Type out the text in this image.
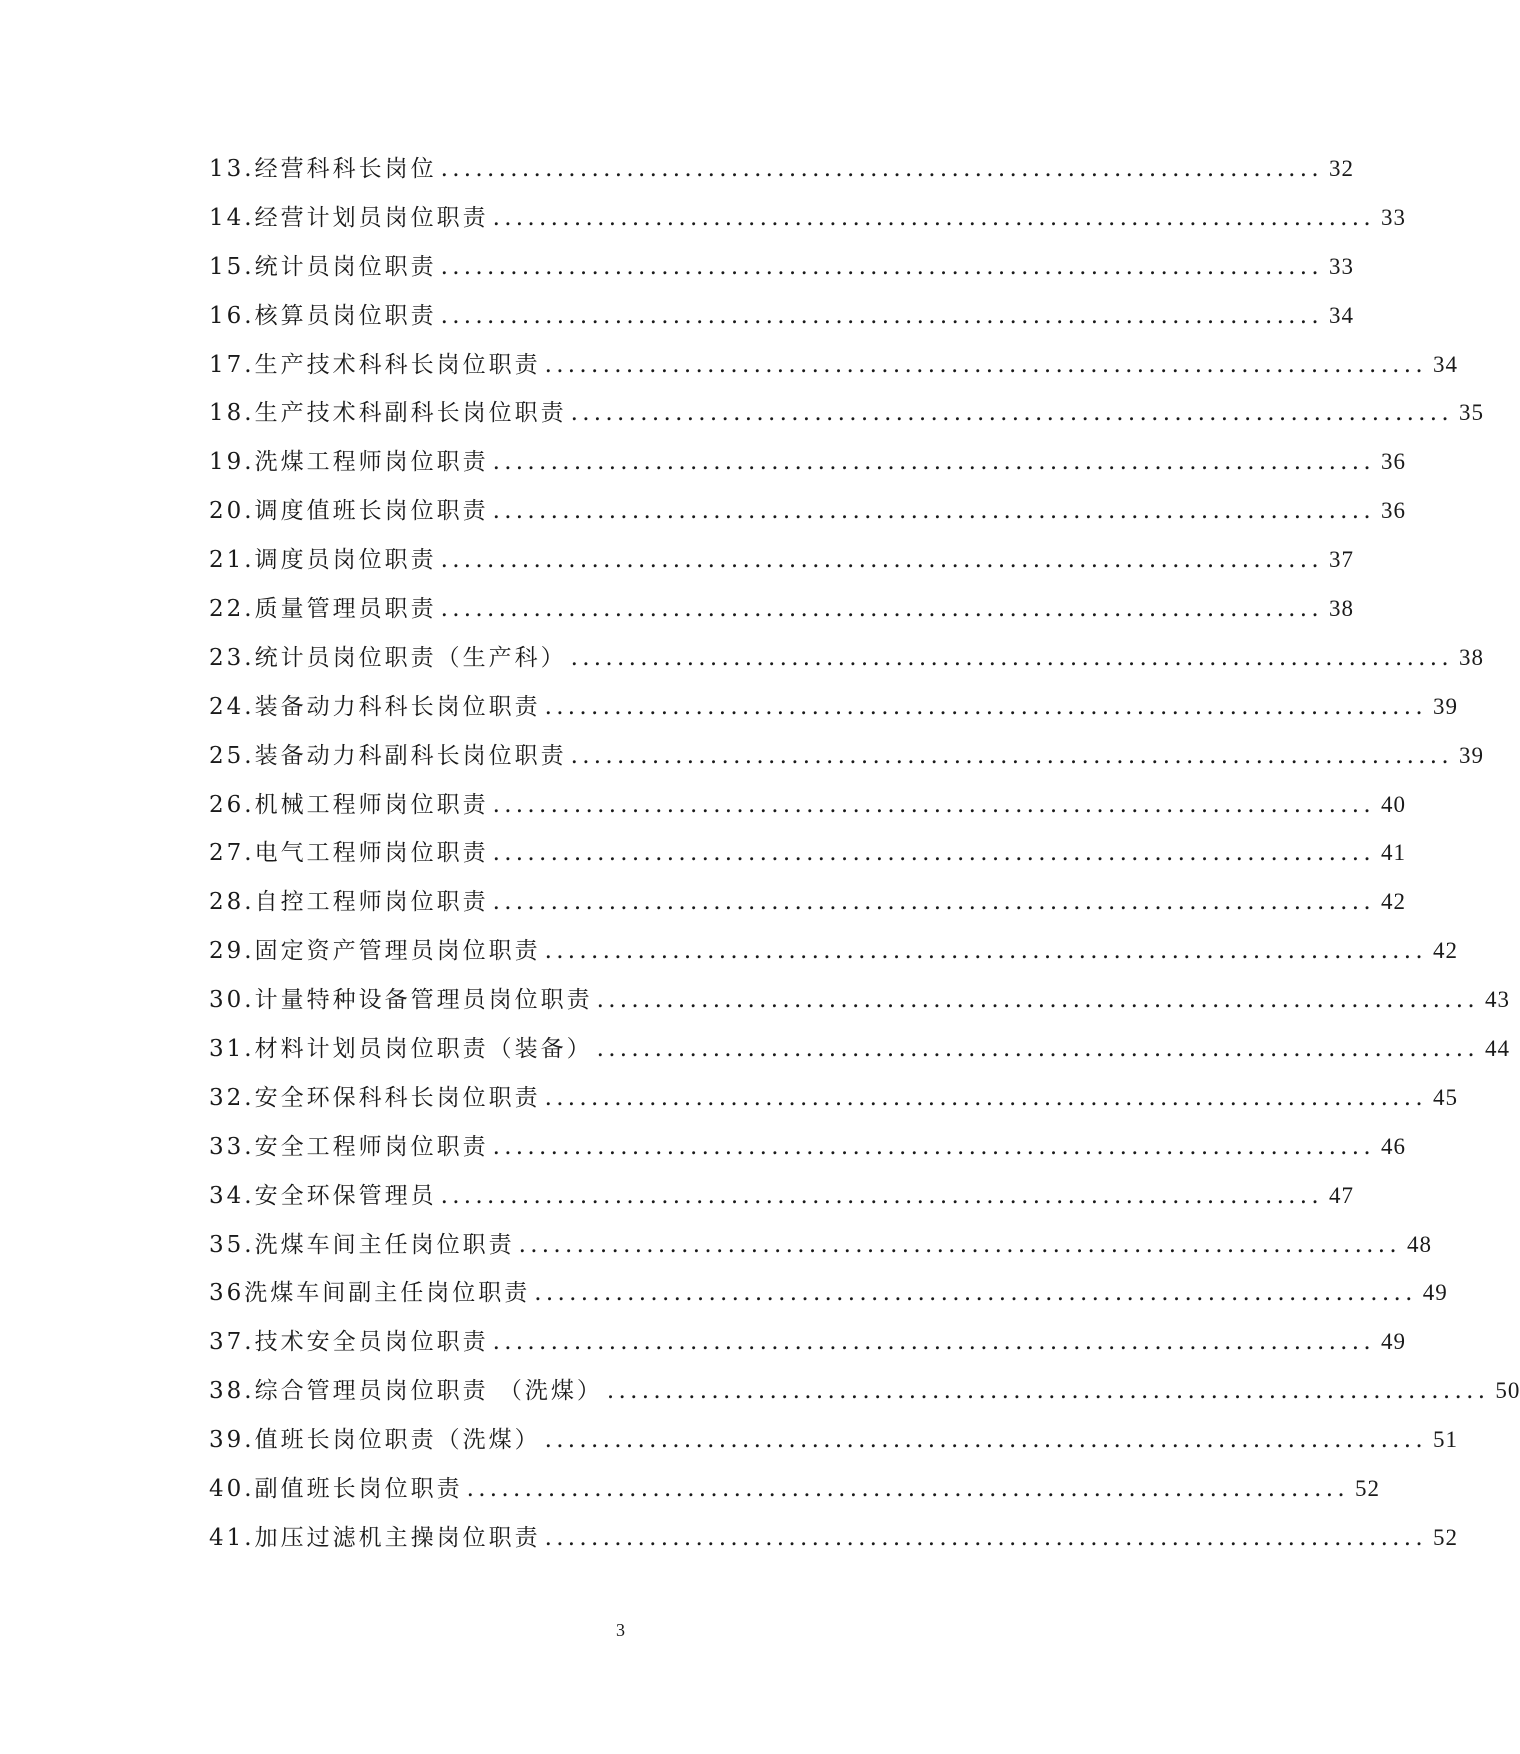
13.经营科科长岗位 ............................................................................ 32
14.经营计划员岗位职责 ............................................................................ 33
15.统计员岗位职责 ............................................................................ 33
16.核算员岗位职责 ............................................................................ 34
17.生产技术科科长岗位职责 ............................................................................ 34
18.生产技术科副科长岗位职责 ............................................................................ 35
19.洗煤工程师岗位职责 ............................................................................ 36
20.调度值班长岗位职责 ............................................................................ 36
21.调度员岗位职责 ............................................................................ 37
22.质量管理员职责 ............................................................................ 38
23.统计员岗位职责（生产科） ............................................................................ 38
24.装备动力科科长岗位职责 ............................................................................ 39
25.装备动力科副科长岗位职责 ............................................................................ 39
26.机械工程师岗位职责 ............................................................................ 40
27.电气工程师岗位职责 ............................................................................ 41
28.自控工程师岗位职责 ............................................................................ 42
29.固定资产管理员岗位职责 ............................................................................ 42
30.计量特种设备管理员岗位职责 ............................................................................ 43
31.材料计划员岗位职责（装备） ............................................................................ 44
32.安全环保科科长岗位职责 ............................................................................ 45
33.安全工程师岗位职责 ............................................................................ 46
34.安全环保管理员 ............................................................................ 47
35.洗煤车间主任岗位职责 ............................................................................ 48
36洗煤车间副主任岗位职责 ............................................................................ 49
37.技术安全员岗位职责 ............................................................................ 49
38.综合管理员岗位职责 （洗煤） ............................................................................ 50
39.值班长岗位职责（洗煤） ............................................................................ 51
40.副值班长岗位职责 ............................................................................ 52
41.加压过滤机主操岗位职责 ............................................................................ 52
3
